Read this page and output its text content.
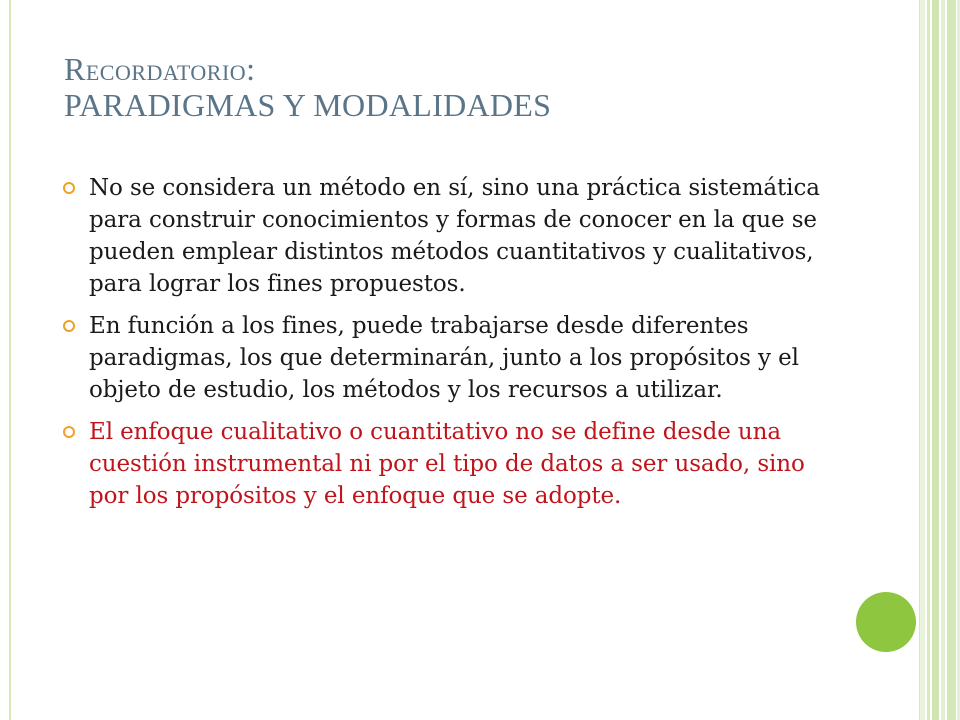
Recordatorio:
PARADIGMAS Y MODALIDADES
No se considera un método en sí, sino una práctica sistemática para construir conocimientos y formas de conocer en la que se pueden emplear distintos métodos cuantitativos y cualitativos, para lograr los fines propuestos.
En función a los fines, puede trabajarse desde diferentes paradigmas, los que determinarán, junto a los propósitos y el objeto de estudio, los métodos y los recursos a utilizar.
El enfoque cualitativo o cuantitativo no se define desde una cuestión instrumental ni por el tipo de datos a ser usado, sino por los propósitos y el enfoque que se adopte.
